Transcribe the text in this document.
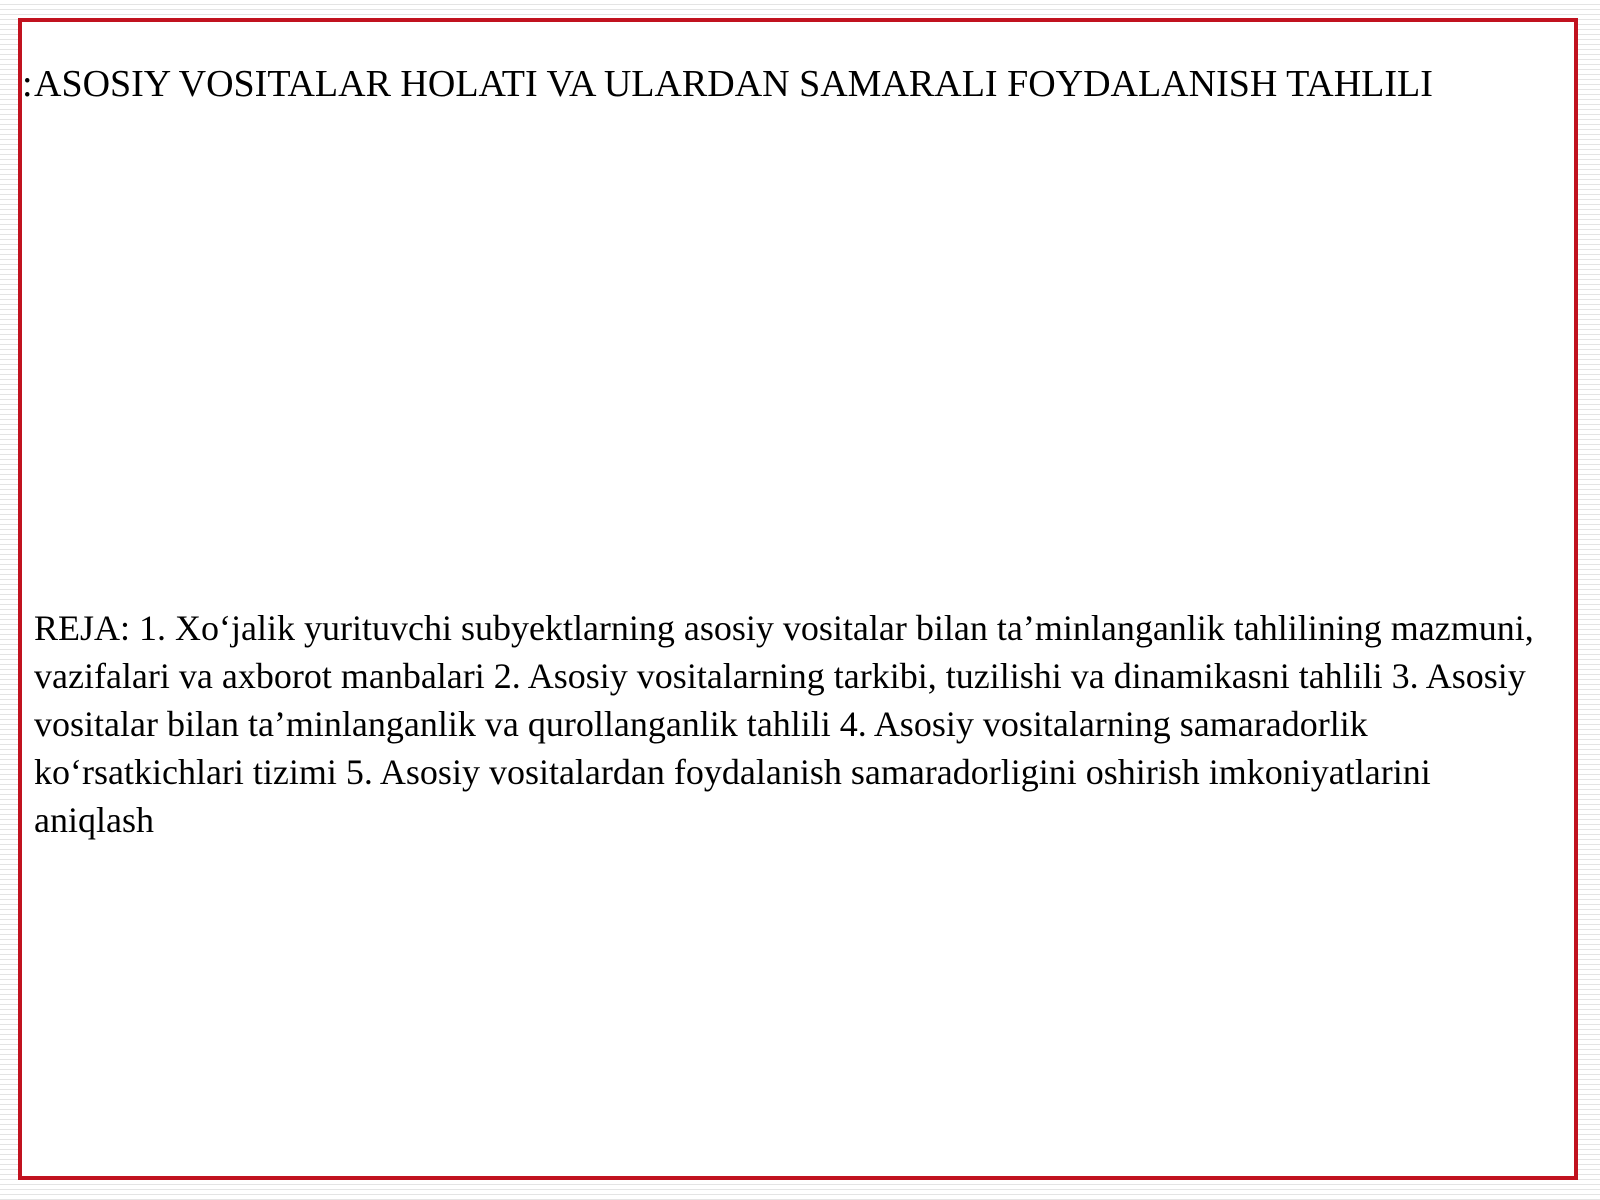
:ASOSIY VOSITALAR HOLATI VA ULARDAN SAMARALI FOYDALANISH TAHLILI

REJA: 1. Xo‘jalik yurituvchi subyektlarning asosiy vositalar bilan ta’minlanganlik tahlilining mazmuni, vazifalari va axborot manbalari 2. Asosiy vositalarning tarkibi, tuzilishi va dinamikasni tahlili 3. Asosiy vositalar bilan ta’minlanganlik va qurollanganlik tahlili 4. Asosiy vositalarning samaradorlik ko‘rsatkichlari tizimi 5. Asosiy vositalardan foydalanish samaradorligini oshirish imkoniyatlarini aniqlash
